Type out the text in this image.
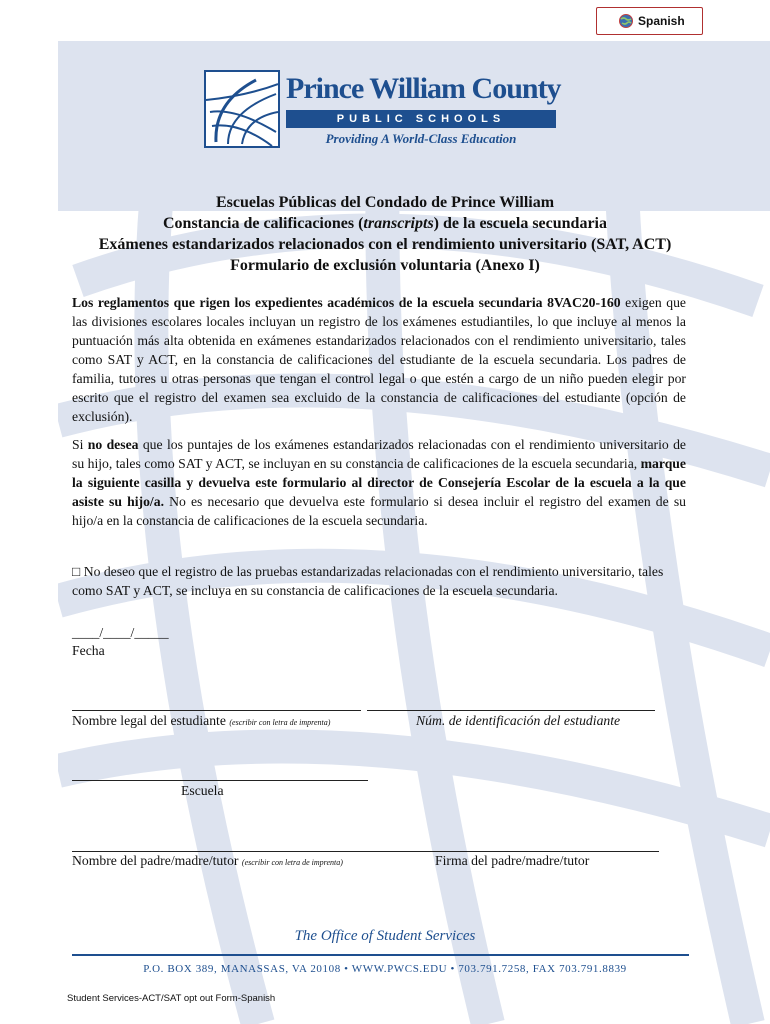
Spanish
Prince William County
PUBLIC SCHOOLS
Providing A World-Class Education
Escuelas Públicas del Condado de Prince William
Constancia de calificaciones (transcripts) de la escuela secundaria
Exámenes estandarizados relacionados con el rendimiento universitario (SAT, ACT)
Formulario de exclusión voluntaria (Anexo I)
Los reglamentos que rigen los expedientes académicos de la escuela secundaria 8VAC20-160 exigen que las divisiones escolares locales incluyan un registro de los exámenes estudiantiles, lo que incluye al menos la puntuación más alta obtenida en exámenes estandarizados relacionados con el rendimiento universitario, tales como SAT y ACT, en la constancia de calificaciones del estudiante de la escuela secundaria. Los padres de familia, tutores u otras personas que tengan el control legal o que estén a cargo de un niño pueden elegir por escrito que el registro del examen sea excluido de la constancia de calificaciones del estudiante (opción de exclusión).
Si no desea que los puntajes de los exámenes estandarizados relacionadas con el rendimiento universitario de su hijo, tales como SAT y ACT, se incluyan en su constancia de calificaciones de la escuela secundaria, marque la siguiente casilla y devuelva este formulario al director de Consejería Escolar de la escuela a la que asiste su hijo/a. No es necesario que devuelva este formulario si desea incluir el registro del examen de su hijo/a en la constancia de calificaciones de la escuela secundaria.
□ No deseo que el registro de las pruebas estandarizadas relacionadas con el rendimiento universitario, tales como SAT y ACT, se incluya en su constancia de calificaciones de la escuela secundaria.
____/____/_____
Fecha
Nombre legal del estudiante (escribir con letra de imprenta)	Núm. de identificación del estudiante
Escuela
Nombre del padre/madre/tutor (escribir con letra de imprenta)	Firma del padre/madre/tutor
The Office of Student Services
P.O. BOX 389, MANASSAS, VA 20108 • WWW.PWCS.EDU • 703.791.7258, FAX 703.791.8839
Student Services-ACT/SAT opt out Form-Spanish
